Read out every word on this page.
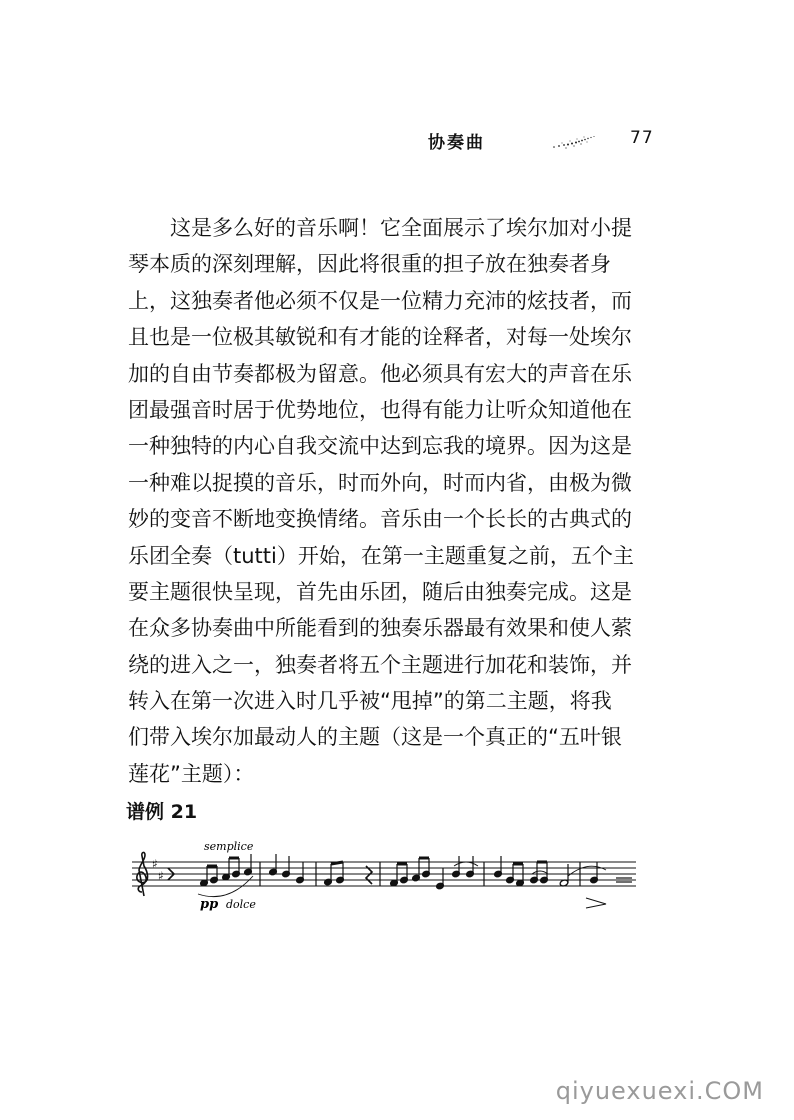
协奏曲	77
这是多么好的音乐啊！它全面展示了埃尔加对小提
琴本质的深刻理解，因此将很重的担子放在独奏者身
上，这独奏者他必须不仅是一位精力充沛的炫技者，而
且也是一位极其敏锐和有才能的诠释者，对每一处埃尔
加的自由节奏都极为留意。他必须具有宏大的声音在乐
团最强音时居于优势地位，也得有能力让听众知道他在
一种独特的内心自我交流中达到忘我的境界。因为这是
一种难以捉摸的音乐，时而外向，时而内省，由极为微
妙的变音不断地变换情绪。音乐由一个长长的古典式的
乐团全奏（tutti）开始，在第一主题重复之前，五个主
要主题很快呈现，首先由乐团，随后由独奏完成。这是
在众多协奏曲中所能看到的独奏乐器最有效果和使人萦
绕的进入之一，独奏者将五个主题进行加花和装饰，并
转入在第一次进入时几乎被“甩掉”的第二主题，将我
们带入埃尔加最动人的主题（这是一个真正的“五叶银
莲花”主题）：
谱例 21
semplice
pp dolce
♯
♯
qiyuexuexi.COM
